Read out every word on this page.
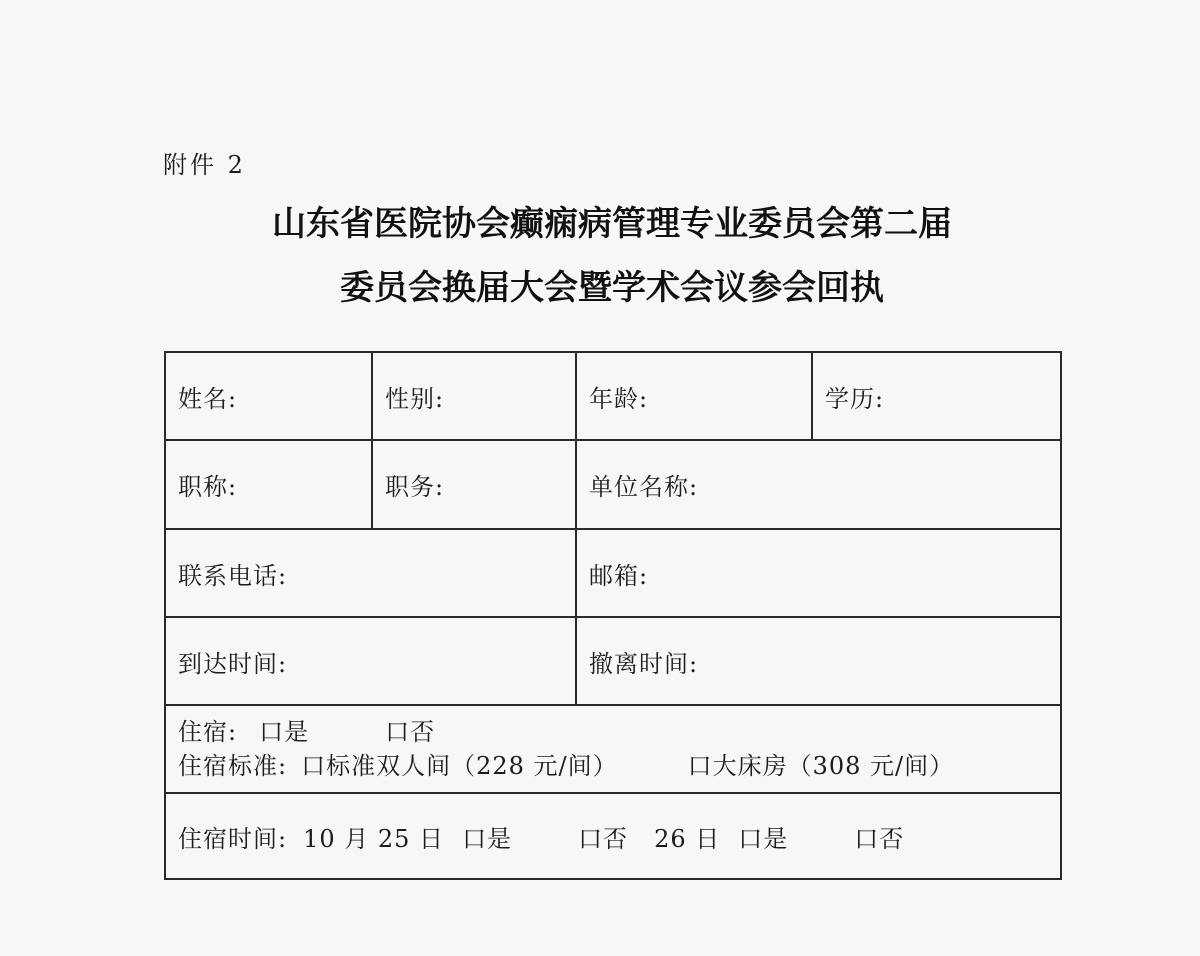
附件 2
山东省医院协会癫痫病管理专业委员会第二届
委员会换届大会暨学术会议参会回执
姓名:	性别:	年龄:	学历:
职称:	职务:	单位名称:	
联系电话:		邮箱:	
到达时间:		撤离时间:	

住宿: 口是 口否
住宿标准: 口标准双人间（228 元/间） 口大床房（308 元/间）			

住宿时间: 10 月 25 日 口是 口否 26 日 口是 口否			
